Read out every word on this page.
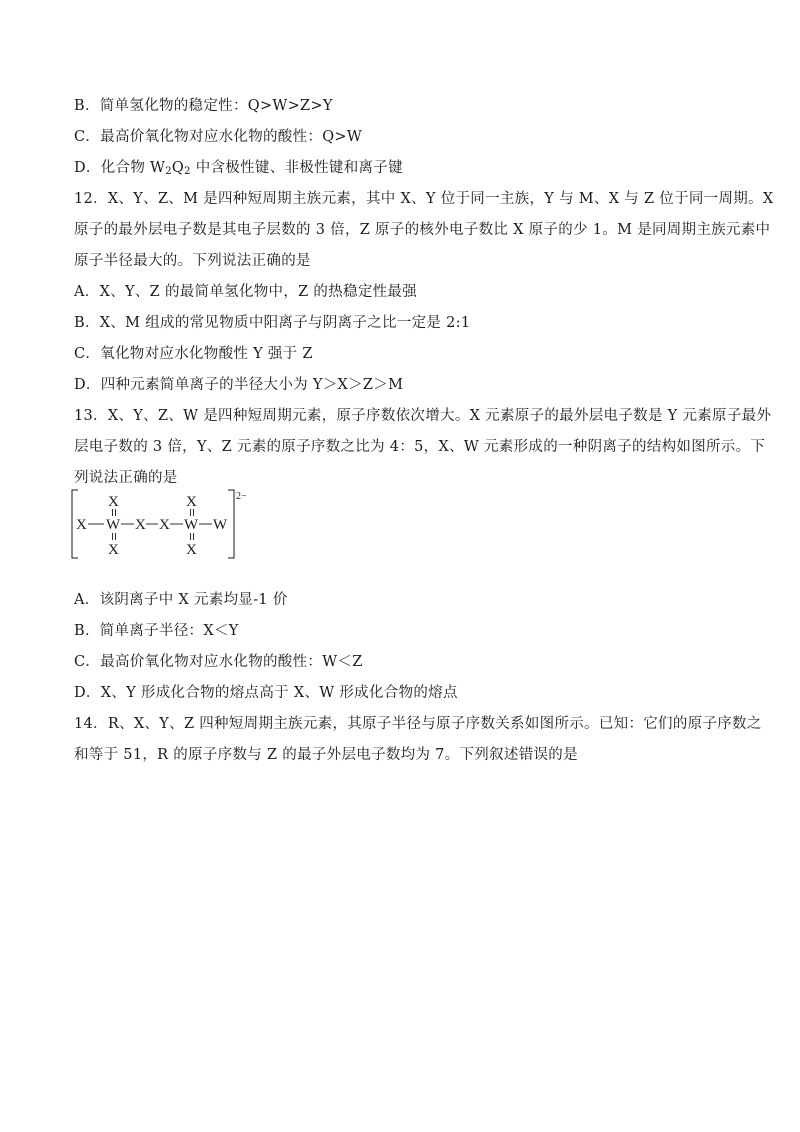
B．简单氢化物的稳定性：Q>W>Z>Y
C．最高价氧化物对应水化物的酸性：Q>W
D．化合物 $W_2Q_2$ 中含极性键、非极性键和离子键
12．X、Y、Z、M 是四种短周期主族元素，其中 X、Y 位于同一主族，Y 与 M、X 与 Z 位于同一周期。X
原子的最外层电子数是其电子层数的 3 倍，Z 原子的核外电子数比 X 原子的少 1。M 是同周期主族元素中
原子半径最大的。下列说法正确的是
A．X、Y、Z 的最简单氢化物中，Z 的热稳定性最强
B．X、M 组成的常见物质中阳离子与阴离子之比一定是 2:1
C．氧化物对应水化物酸性 Y 强于 Z
D．四种元素简单离子的半径大小为 Y＞X＞Z＞M
13．X、Y、Z、W 是四种短周期元素，原子序数依次增大。X 元素原子的最外层电子数是 Y 元素原子最外
层电子数的 3 倍，Y、Z 元素的原子序数之比为 4：5，X、W 元素形成的一种阴离子的结构如图所示。下
列说法正确的是
X	X
X W X X W W
X	X
2−
A．该阴离子中 X 元素均显-1 价
B．简单离子半径：X＜Y
C．最高价氧化物对应水化物的酸性：W＜Z
D．X、Y 形成化合物的熔点高于 X、W 形成化合物的熔点
14．R、X、Y、Z 四种短周期主族元素，其原子半径与原子序数关系如图所示。已知：它们的原子序数之
和等于 51，R 的原子序数与 Z 的最子外层电子数均为 7。下列叙述错误的是
